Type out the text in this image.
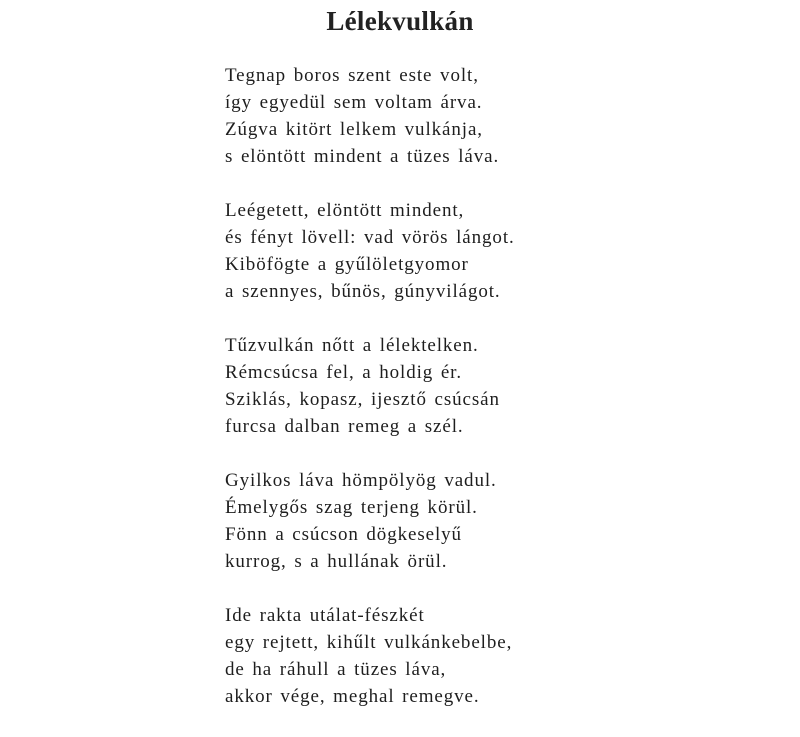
Lélekvulkán
Tegnap boros szent este volt,
így egyedül sem voltam árva.
Zúgva kitört lelkem vulkánja,
s elöntött mindent a tüzes láva.
Leégetett, elöntött mindent,
és fényt lövell: vad vörös lángot.
Kiböfögte a gyűlöletgyomor
a szennyes, bűnös, gúnyvilágot.
Tűzvulkán nőtt a lélektelken.
Rémcsúcsa fel, a holdig ér.
Sziklás, kopasz, ijesztő csúcsán
furcsa dalban remeg a szél.
Gyilkos láva hömpölyög vadul.
Émelygős szag terjeng körül.
Fönn a csúcson dögkeselyű
kurrog, s a hullának örül.
Ide rakta utálat-fészkét
egy rejtett, kihűlt vulkánkebelbe,
de ha ráhull a tüzes láva,
akkor vége, meghal remegve.
